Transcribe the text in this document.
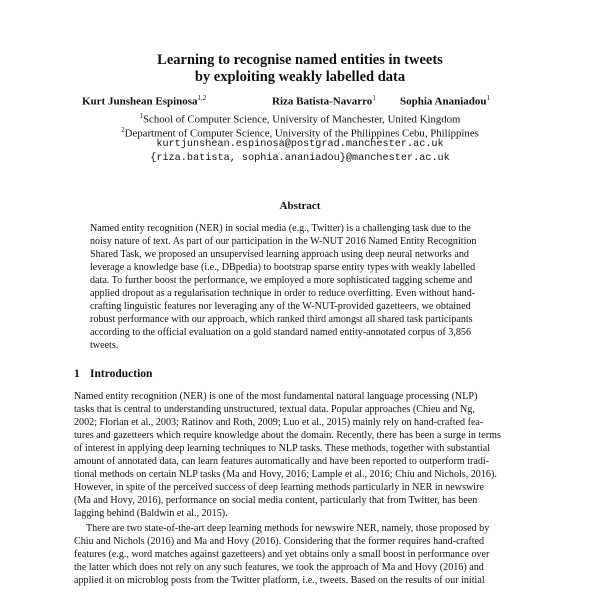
Learning to recognise named entities in tweets
by exploiting weakly labelled data
Kurt Junshean Espinosa$^{1,2}$	Riza Batista-Navarro$^1$ Sophia Ananiadou$^1$
$^1$School of Computer Science, University of Manchester, United Kingdom
$^2$Department of Computer Science, University of the Philippines Cebu, Philippines
kurtjunshean.espinosa@postgrad.manchester.ac.uk
{riza.batista, sophia.ananiadou}@manchester.ac.uk
Abstract
Named entity recognition (NER) in social media (e.g., Twitter) is a challenging task due to the
noisy nature of text. As part of our participation in the W-NUT 2016 Named Entity Recognition
Shared Task, we proposed an unsupervised learning approach using deep neural networks and
leverage a knowledge base (i.e., DBpedia) to bootstrap sparse entity types with weakly labelled
data. To further boost the performance, we employed a more sophisticated tagging scheme and
applied dropout as a regularisation technique in order to reduce overfitting. Even without hand-
crafting linguistic features nor leveraging any of the W-NUT-provided gazetteers, we obtained
robust performance with our approach, which ranked third amongst all shared task participants
according to the official evaluation on a gold standard named entity-annotated corpus of 3,856
tweets.
1 Introduction
Named entity recognition (NER) is one of the most fundamental natural language processing (NLP)
tasks that is central to understanding unstructured, textual data. Popular approaches (Chieu and Ng,
2002; Florian et al., 2003; Ratinov and Roth, 2009; Luo et al., 2015) mainly rely on hand-crafted fea-
tures and gazetteers which require knowledge about the domain. Recently, there has been a surge in terms
of interest in applying deep learning techniques to NLP tasks. These methods, together with substantial
amount of annotated data, can learn features automatically and have been reported to outperform tradi-
tional methods on certain NLP tasks (Ma and Hovy, 2016; Lample et al., 2016; Chiu and Nichols, 2016).
However, in spite of the perceived success of deep learning methods particularly in NER in newswire
(Ma and Hovy, 2016), performance on social media content, particularly that from Twitter, has been
lagging behind (Baldwin et al., 2015).
There are two state-of-the-art deep learning methods for newswire NER, namely, those proposed by
Chiu and Nichols (2016) and Ma and Hovy (2016). Considering that the former requires hand-crafted
features (e.g., word matches against gazetteers) and yet obtains only a small boost in performance over
the latter which does not rely on any such features, we took the approach of Ma and Hovy (2016) and
applied it on microblog posts from the Twitter platform, i.e., tweets. Based on the results of our initial
